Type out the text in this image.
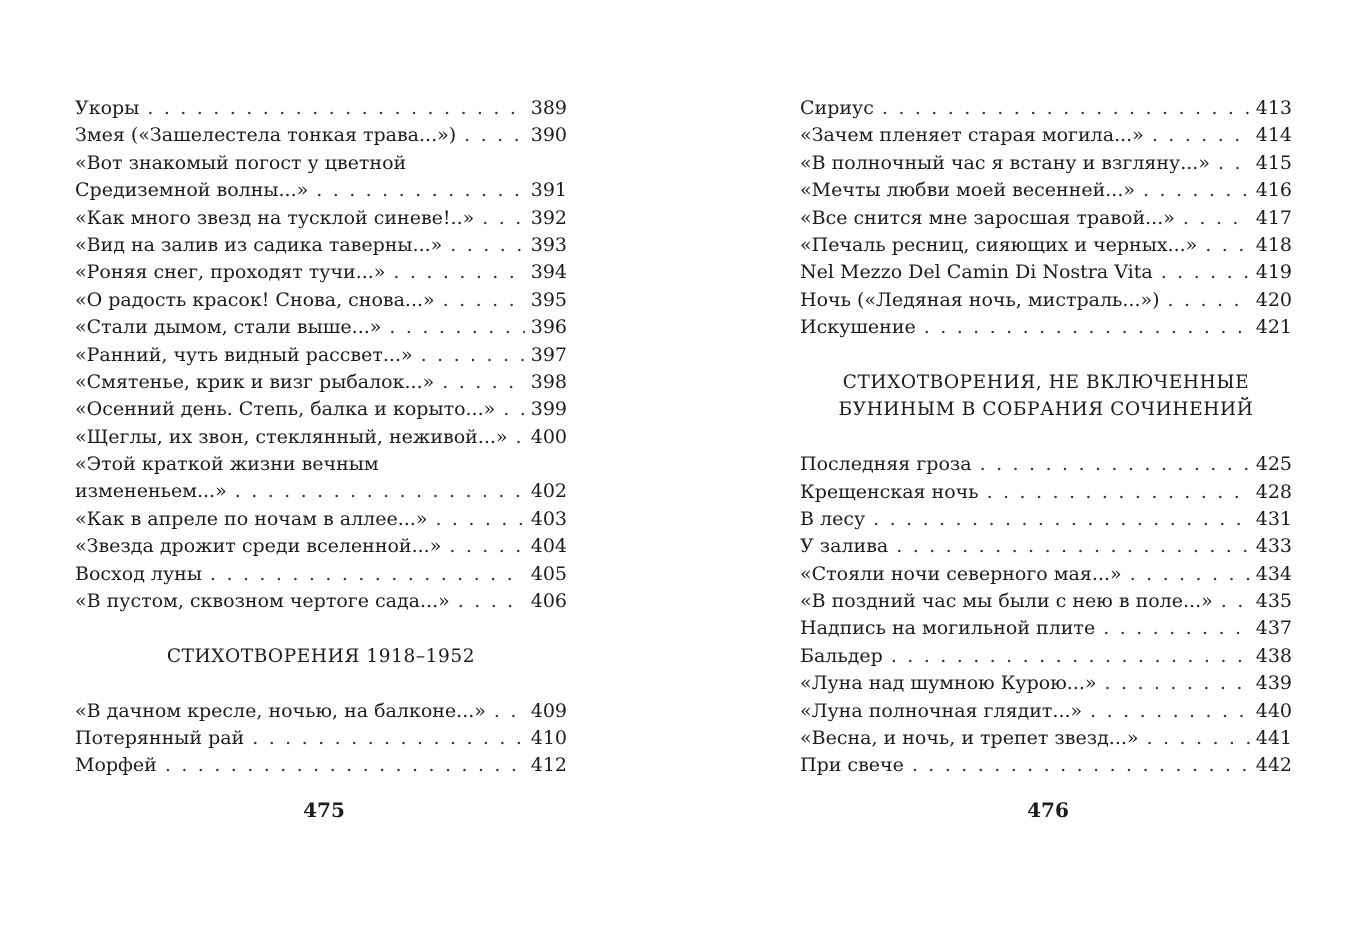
Укоры . . .	389
Змея («Зашелестела тонкая трава...») . . .	390
«Вот знакомый погост у цветной
Средиземной волны...» . . .	391
«Как много звезд на тусклой синеве!..» . . .	392
«Вид на залив из садика таверны...» . . .	393
«Роняя снег, проходят тучи...» . . .	394
«О радость красок! Снова, снова...» . . .	395
«Стали дымом, стали выше...» . . .	396
«Ранний, чуть видный рассвет...» . . .	397
«Смятенье, крик и визг рыбалок...» . . .	398
«Осенний день. Степь, балка и корыто...» . . . 399
«Щеглы, их звон, стеклянный, неживой...» . . . 400
«Этой краткой жизни вечным
измененьем...» . . .	402
«Как в апреле по ночам в аллее...» . . .	403
«Звезда дрожит среди вселенной...» . . .	404
Восход луны . . .	405
«В пустом, сквозном чертоге сада...» . . .	406
СТИХОТВОРЕНИЯ 1918–1952
«В дачном кресле, ночью, на балконе...» . . . 409
Потерянный рай . . .	410
Морфей . . .	412
475
Сириус . . .	413
«Зачем пленяет старая могила...» . . .	414
«В полночный час я встану и взгляну...» . . . 415
«Мечты любви моей весенней...» . . .	416
«Все снится мне заросшая травой...» . . .	417
«Печаль ресниц, сияющих и черных...» . . .	418
Nel Mezzo Del Camin Di Nostra Vita . . .	419
Ночь («Ледяная ночь, мистраль...») . . .	420
Искушение . . .	421
СТИХОТВОРЕНИЯ, НЕ ВКЛЮЧЕННЫЕ
БУНИНЫМ В СОБРАНИЯ СОЧИНЕНИЙ
Последняя гроза . . .	425
Крещенская ночь . . .	428
В лесу . . .	431
У залива . . .	433
«Стояли ночи северного мая...» . . .	434
«В поздний час мы были с нею в поле...» . . . 435
Надпись на могильной плите . . .	437
Бальдер . . .	438
«Луна над шумною Курою...» . . .	439
«Луна полночная глядит...» . . .	440
«Весна, и ночь, и трепет звезд...» . . .	441
При свече . . .	442
476
